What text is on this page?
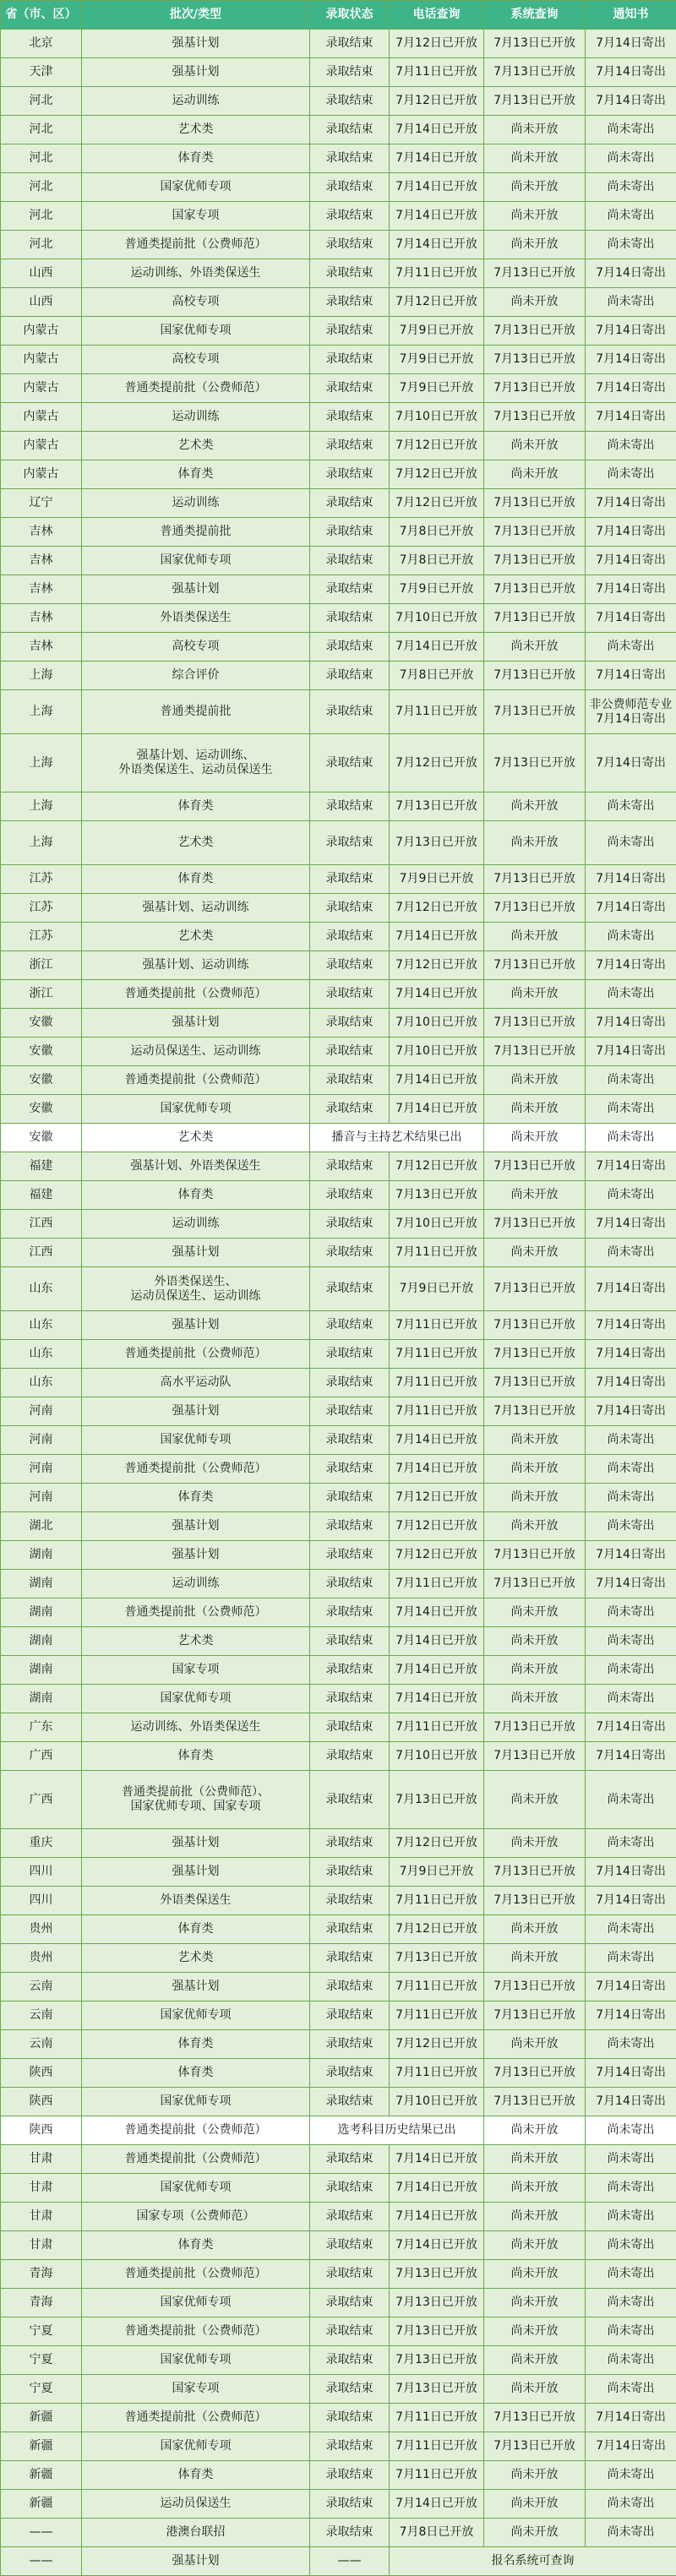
省（市、区）	批次/类型	录取状态	电话查询	系统查询	通知书
北京	强基计划	录取结束	7月12日已开放	7月13日已开放	7月14日寄出
天津	强基计划	录取结束	7月11日已开放	7月13日已开放	7月14日寄出
河北	运动训练	录取结束	7月12日已开放	7月13日已开放	7月14日寄出
河北	艺术类	录取结束	7月14日已开放	尚未开放	尚未寄出
河北	体育类	录取结束	7月14日已开放	尚未开放	尚未寄出
河北	国家优师专项	录取结束	7月14日已开放	尚未开放	尚未寄出
河北	国家专项	录取结束	7月14日已开放	尚未开放	尚未寄出
河北	普通类提前批（公费师范）	录取结束	7月14日已开放	尚未开放	尚未寄出
山西	运动训练、外语类保送生	录取结束	7月11日已开放	7月13日已开放	7月14日寄出
山西	高校专项	录取结束	7月12日已开放	尚未开放	尚未寄出
内蒙古	国家优师专项	录取结束	7月9日已开放	7月13日已开放	7月14日寄出
内蒙古	高校专项	录取结束	7月9日已开放	7月13日已开放	7月14日寄出
内蒙古	普通类提前批（公费师范）	录取结束	7月9日已开放	7月13日已开放	7月14日寄出
内蒙古	运动训练	录取结束	7月10日已开放	7月13日已开放	7月14日寄出
内蒙古	艺术类	录取结束	7月12日已开放	尚未开放	尚未寄出
内蒙古	体育类	录取结束	7月12日已开放	尚未开放	尚未寄出
辽宁	运动训练	录取结束	7月12日已开放	7月13日已开放	7月14日寄出
吉林	普通类提前批	录取结束	7月8日已开放	7月13日已开放	7月14日寄出
吉林	国家优师专项	录取结束	7月8日已开放	7月13日已开放	7月14日寄出
吉林	强基计划	录取结束	7月9日已开放	7月13日已开放	7月14日寄出
吉林	外语类保送生	录取结束	7月10日已开放	7月13日已开放	7月14日寄出
吉林	高校专项	录取结束	7月14日已开放	尚未开放	尚未寄出
上海	综合评价	录取结束	7月8日已开放	7月13日已开放	7月14日寄出
上海	普通类提前批	录取结束	7月11日已开放	7月13日已开放	非公费师范专业
7月14日寄出
上海	强基计划、运动训练、
外语类保送生、运动员保送生	录取结束	7月12日已开放	7月13日已开放	7月14日寄出
上海	体育类	录取结束	7月13日已开放	尚未开放	尚未寄出
上海	艺术类	录取结束	7月13日已开放	尚未开放	尚未寄出
江苏	体育类	录取结束	7月9日已开放	7月13日已开放	7月14日寄出
江苏	强基计划、运动训练	录取结束	7月12日已开放	7月13日已开放	7月14日寄出
江苏	艺术类	录取结束	7月14日已开放	尚未开放	尚未寄出
浙江	强基计划、运动训练	录取结束	7月12日已开放	7月13日已开放	7月14日寄出
浙江	普通类提前批（公费师范）	录取结束	7月14日已开放	尚未开放	尚未寄出
安徽	强基计划	录取结束	7月10日已开放	7月13日已开放	7月14日寄出
安徽	运动员保送生、运动训练	录取结束	7月10日已开放	7月13日已开放	7月14日寄出
安徽	普通类提前批（公费师范）	录取结束	7月14日已开放	尚未开放	尚未寄出
安徽	国家优师专项	录取结束	7月14日已开放	尚未开放	尚未寄出
安徽	艺术类	播音与主持艺术结果已出		尚未开放	尚未寄出
福建	强基计划、外语类保送生	录取结束	7月12日已开放	7月13日已开放	7月14日寄出
福建	体育类	录取结束	7月13日已开放	尚未开放	尚未寄出
江西	运动训练	录取结束	7月10日已开放	7月13日已开放	7月14日寄出
江西	强基计划	录取结束	7月11日已开放	尚未开放	尚未寄出
山东	外语类保送生、
运动员保送生、运动训练	录取结束	7月9日已开放	7月13日已开放	7月14日寄出
山东	强基计划	录取结束	7月11日已开放	7月13日已开放	7月14日寄出
山东	普通类提前批（公费师范）	录取结束	7月11日已开放	7月13日已开放	7月14日寄出
山东	高水平运动队	录取结束	7月11日已开放	7月13日已开放	7月14日寄出
河南	强基计划	录取结束	7月11日已开放	7月13日已开放	7月14日寄出
河南	国家优师专项	录取结束	7月14日已开放	尚未开放	尚未寄出
河南	普通类提前批（公费师范）	录取结束	7月14日已开放	尚未开放	尚未寄出
河南	体育类	录取结束	7月12日已开放	尚未开放	尚未寄出
湖北	强基计划	录取结束	7月12日已开放	尚未开放	尚未寄出
湖南	强基计划	录取结束	7月12日已开放	7月13日已开放	7月14日寄出
湖南	运动训练	录取结束	7月11日已开放	7月13日已开放	7月14日寄出
湖南	普通类提前批（公费师范）	录取结束	7月14日已开放	尚未开放	尚未寄出
湖南	艺术类	录取结束	7月14日已开放	尚未开放	尚未寄出
湖南	国家专项	录取结束	7月14日已开放	尚未开放	尚未寄出
湖南	国家优师专项	录取结束	7月14日已开放	尚未开放	尚未寄出
广东	运动训练、外语类保送生	录取结束	7月11日已开放	7月13日已开放	7月14日寄出
广西	体育类	录取结束	7月10日已开放	7月13日已开放	7月14日寄出
广西	普通类提前批（公费师范）、
国家优师专项、国家专项	录取结束	7月13日已开放	尚未开放	尚未寄出
重庆	强基计划	录取结束	7月12日已开放	尚未开放	尚未寄出
四川	强基计划	录取结束	7月9日已开放	7月13日已开放	7月14日寄出
四川	外语类保送生	录取结束	7月11日已开放	7月13日已开放	7月14日寄出
贵州	体育类	录取结束	7月12日已开放	尚未开放	尚未寄出
贵州	艺术类	录取结束	7月13日已开放	尚未开放	尚未寄出
云南	强基计划	录取结束	7月11日已开放	7月13日已开放	7月14日寄出
云南	国家优师专项	录取结束	7月11日已开放	7月13日已开放	7月14日寄出
云南	体育类	录取结束	7月12日已开放	尚未开放	尚未寄出
陕西	体育类	录取结束	7月11日已开放	7月13日已开放	7月14日寄出
陕西	国家优师专项	录取结束	7月10日已开放	7月13日已开放	7月14日寄出
陕西	普通类提前批（公费师范）	选考科目历史结果已出		尚未开放	尚未寄出
甘肃	普通类提前批（公费师范）	录取结束	7月14日已开放	尚未开放	尚未寄出
甘肃	国家优师专项	录取结束	7月14日已开放	尚未开放	尚未寄出
甘肃	国家专项（公费师范）	录取结束	7月14日已开放	尚未开放	尚未寄出
甘肃	体育类	录取结束	7月14日已开放	尚未开放	尚未寄出
青海	普通类提前批（公费师范）	录取结束	7月13日已开放	尚未开放	尚未寄出
青海	国家优师专项	录取结束	7月13日已开放	尚未开放	尚未寄出
宁夏	普通类提前批（公费师范）	录取结束	7月13日已开放	尚未开放	尚未寄出
宁夏	国家优师专项	录取结束	7月13日已开放	尚未开放	尚未寄出
宁夏	国家专项	录取结束	7月13日已开放	尚未开放	尚未寄出
新疆	普通类提前批（公费师范）	录取结束	7月11日已开放	7月13日已开放	7月14日寄出
新疆	国家优师专项	录取结束	7月11日已开放	7月13日已开放	7月14日寄出
新疆	体育类	录取结束	7月11日已开放	尚未开放	尚未寄出
新疆	运动员保送生	录取结束	7月14日已开放	尚未开放	尚未寄出
——	港澳台联招	录取结束	7月8日已开放	尚未开放	尚未寄出
——	强基计划	——	报名系统可查询		
